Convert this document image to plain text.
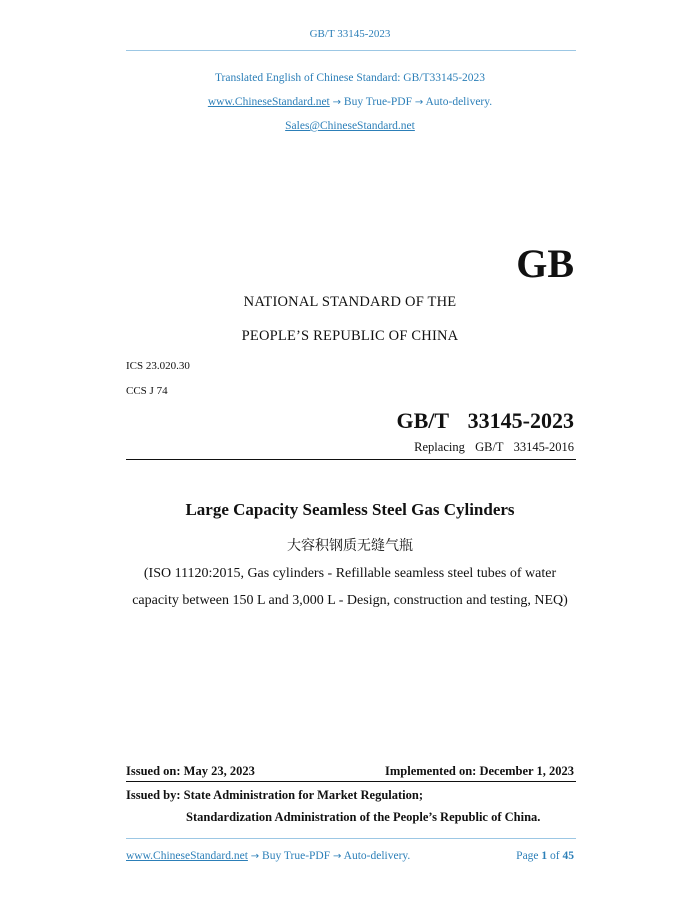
GB/T 33145-2023
Translated English of Chinese Standard: GB/T33145-2023
www.ChineseStandard.net → Buy True-PDF → Auto-delivery.
Sales@ChineseStandard.net
GB
NATIONAL STANDARD OF THE
PEOPLE’S REPUBLIC OF CHINA
ICS 23.020.30
CCS J 74
GB/T  33145-2023
Replacing  GB/T  33145-2016
Large Capacity Seamless Steel Gas Cylinders
大容积钢质无缝气瓶
(ISO 11120:2015, Gas cylinders - Refillable seamless steel tubes of water
capacity between 150 L and 3,000 L - Design, construction and testing, NEQ)
Issued on: May 23, 2023	Implemented on: December 1, 2023
Issued by: State Administration for Market Regulation;
Standardization Administration of the People’s Republic of China.
www.ChineseStandard.net → Buy True-PDF → Auto-delivery.	Page 1 of 45
